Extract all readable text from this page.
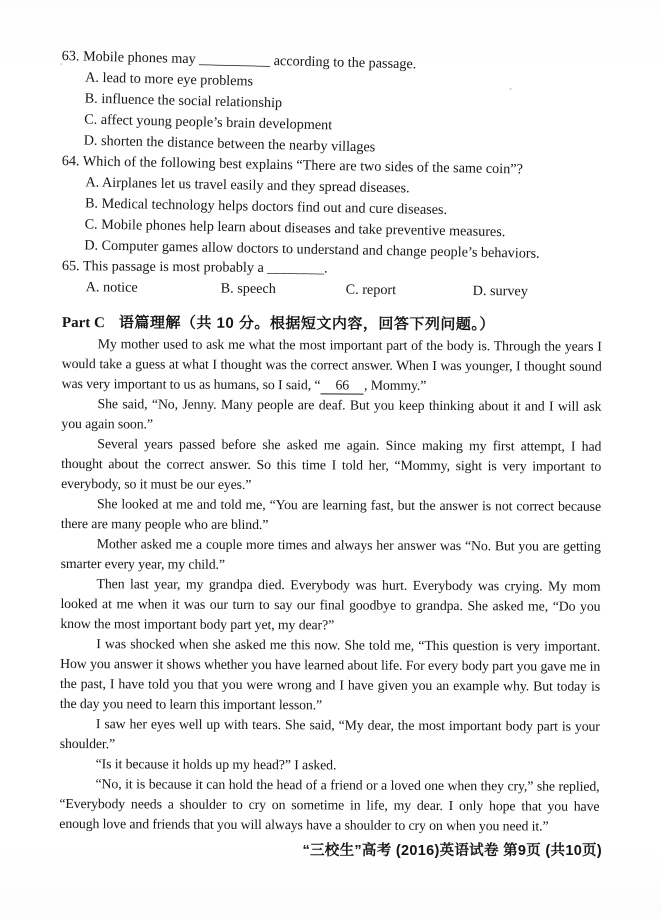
63. Mobile phones may __________ according to the passage.
A. lead to more eye problems
B. influence the social relationship
C. affect young people’s brain development
D. shorten the distance between the nearby villages
64. Which of the following best explains “There are two sides of the same coin”?
A. Airplanes let us travel easily and they spread diseases.
B. Medical technology helps doctors find out and cure diseases.
C. Mobile phones help learn about diseases and take preventive measures.
D. Computer games allow doctors to understand and change people’s behaviors.
65. This passage is most probably a ________.
A. notice	B. speech	C. report	D. survey
Part C 语篇理解（共 10 分。根据短文内容，回答下列问题。）

My mother used to ask me what the most important part of the body is. Through the years I would take a guess at what I thought was the correct answer. When I was younger, I thought sound was very important to us as humans, so I said, “ 66 , Mommy.”

She said, “No, Jenny. Many people are deaf. But you keep thinking about it and I will ask you again soon.”

Several years passed before she asked me again. Since making my first attempt, I had thought about the correct answer. So this time I told her, “Mommy, sight is very important to everybody, so it must be our eyes.”

She looked at me and told me, “You are learning fast, but the answer is not correct because there are many people who are blind.”

Mother asked me a couple more times and always her answer was “No. But you are getting smarter every year, my child.”

Then last year, my grandpa died. Everybody was hurt. Everybody was crying. My mom looked at me when it was our turn to say our final goodbye to grandpa. She asked me, “Do you know the most important body part yet, my dear?”

I was shocked when she asked me this now. She told me, “This question is very important. How you answer it shows whether you have learned about life. For every body part you gave me in the past, I have told you that you were wrong and I have given you an example why. But today is the day you need to learn this important lesson.”

I saw her eyes well up with tears. She said, “My dear, the most important body part is your shoulder.”

“Is it because it holds up my head?” I asked.

“No, it is because it can hold the head of a friend or a loved one when they cry,” she replied, “Everybody needs a shoulder to cry on sometime in life, my dear. I only hope that you have enough love and friends that you will always have a shoulder to cry on when you need it.”

“三校生”高考 (2016)英语试卷 第9页 (共10页)
